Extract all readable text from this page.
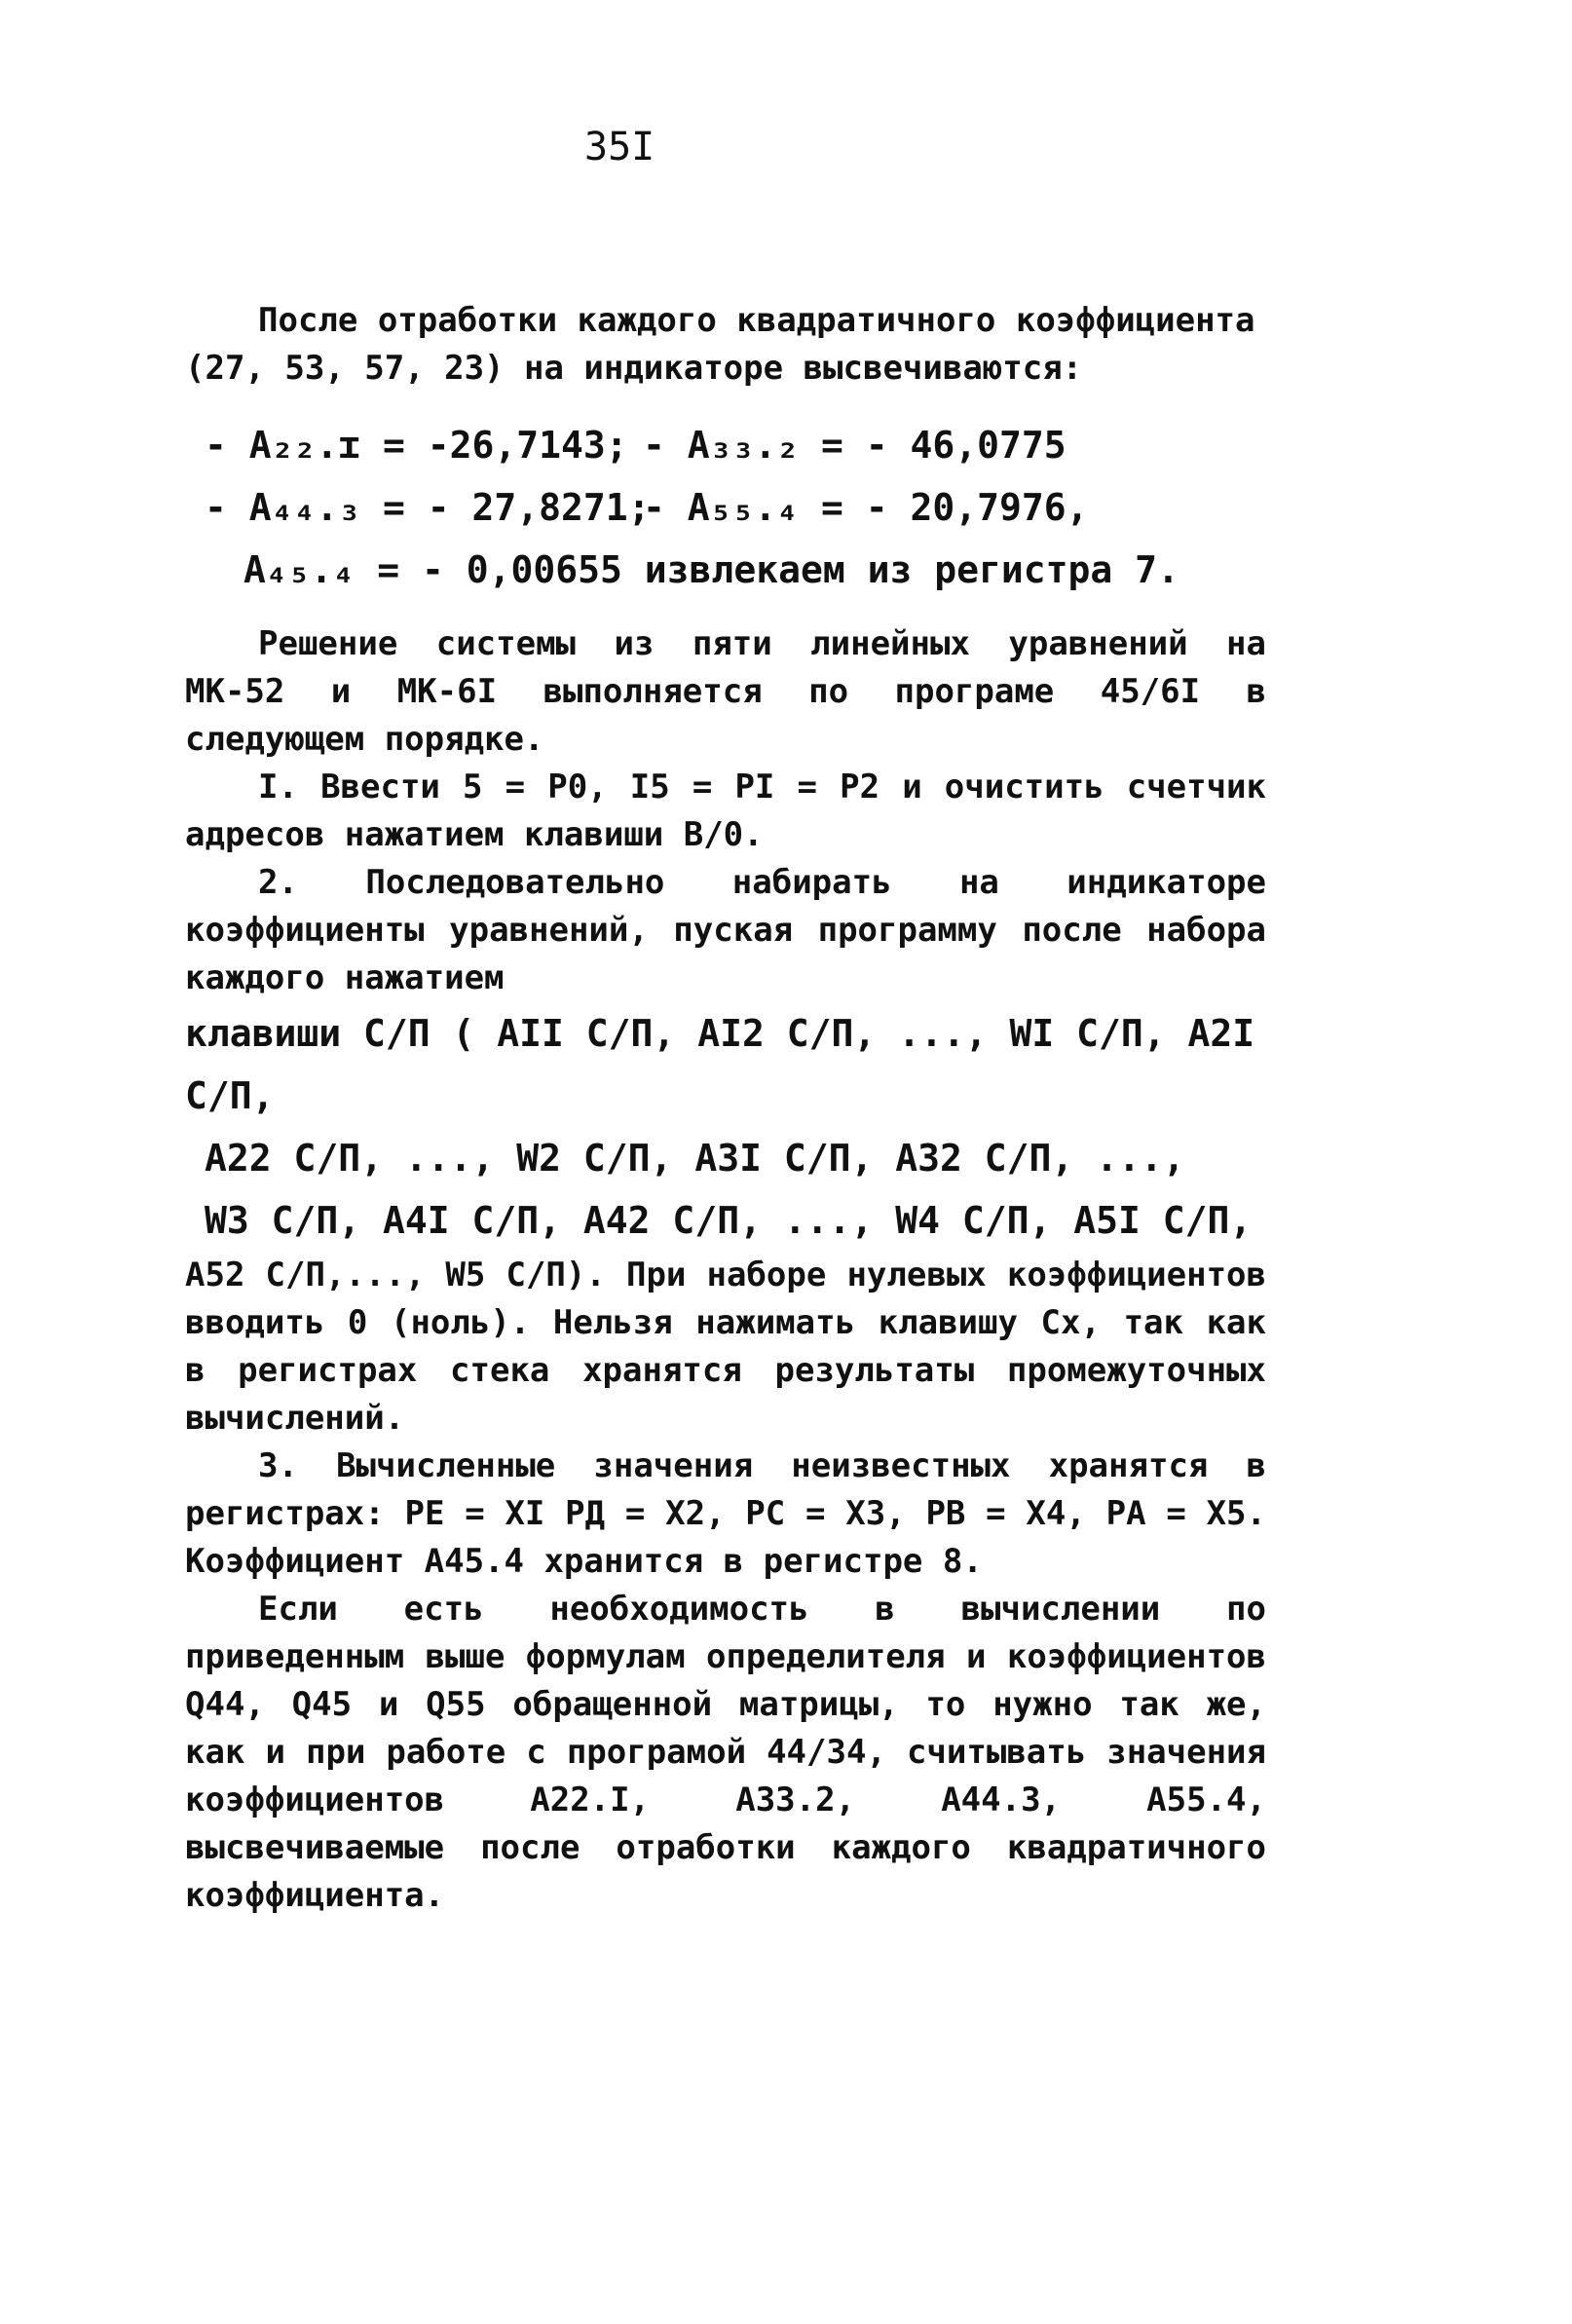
35I

После отработки каждого квадратичного коэффициента

(27, 53, 57, 23) на индикаторе высвечиваются:

- A₂₂.ɪ = -26,7143; - A₃₃.₂ = - 46,0775
- A₄₄.₃ = - 27,8271;
- A₅₅.₄ = - 20,7976,
A₄₅.₄ = - 0,00655 извлекаем из регистра 7.

Решение системы из пяти линейных уравнений на МК-52 и МК-6I выполняется по програме 45/6I в следующем порядке.

I. Ввести 5 = Р0, I5 = РI = Р2 и очистить счетчик адресов нажатием клавиши В/0.

2. Последовательно набирать на индикаторе коэффициенты уравнений, пуская программу после набора каждого нажатием

клавиши С/П ( AII С/П, AI2 С/П, ..., WI С/П, A2I С/П,

A22 С/П, ..., W2 С/П, A3I С/П, A32 С/П, ...,

W3 С/П, A4I С/П, A42 С/П, ..., W4 С/П, A5I С/П,

A52 С/П,..., W5 С/П). При наборе нулевых коэффициентов вводить 0 (ноль). Нельзя нажимать клавишу Сх, так как в регистрах стека хранятся результаты промежуточных вычислений.

3. Вычисленные значения неизвестных хранятся в регистрах: РЕ = XI РД = X2, РС = X3, РВ = X4, РА = X5. Коэффициент A45.4 хранится в регистре 8.

Если есть необходимость в вычислении по приведенным выше формулам определителя и коэффициентов Q44, Q45 и Q55 обращенной матрицы, то нужно так же, как и при работе с програмой 44/34, считывать значения коэффициентов A22.I, A33.2, A44.3, A55.4, высвечиваемые после отработки каждого квадратичного коэффициента.
